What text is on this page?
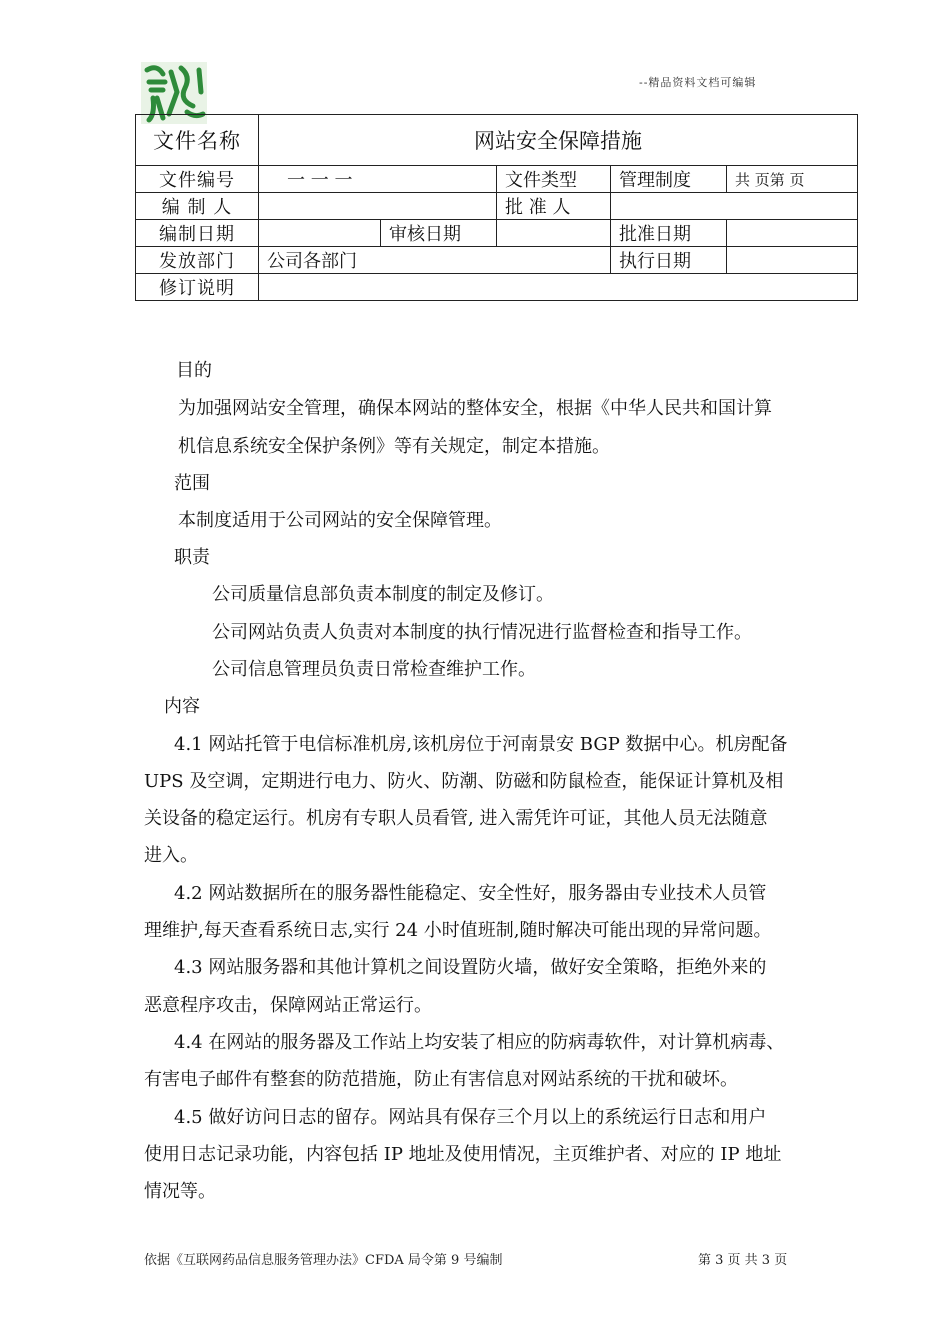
--精品资料文档可编辑
文件名称	网站安全保障措施				
文件编号	一 一 一		文件类型	管理制度	共 页第 页
编 制 人			批 准 人		
编制日期		审核日期		批准日期	
发放部门	公司各部门			执行日期	
修订说明					
目的
为加强网站安全管理，确保本网站的整体安全，根据《中华人民共和国计算
机信息系统安全保护条例》等有关规定，制定本措施。
范围
本制度适用于公司网站的安全保障管理。
职责
公司质量信息部负责本制度的制定及修订。
公司网站负责人负责对本制度的执行情况进行监督检查和指导工作。
公司信息管理员负责日常检查维护工作。
内容
4.1 网站托管于电信标准机房,该机房位于河南景安 BGP 数据中心。机房配备
UPS 及空调，定期进行电力、防火、防潮、防磁和防鼠检查，能保证计算机及相
关设备的稳定运行。机房有专职人员看管, 进入需凭许可证，其他人员无法随意
进入。
4.2 网站数据所在的服务器性能稳定、安全性好，服务器由专业技术人员管
理维护,每天查看系统日志,实行 24 小时值班制,随时解决可能出现的异常问题。
4.3 网站服务器和其他计算机之间设置防火墙，做好安全策略，拒绝外来的
恶意程序攻击，保障网站正常运行。
4.4 在网站的服务器及工作站上均安装了相应的防病毒软件，对计算机病毒、
有害电子邮件有整套的防范措施，防止有害信息对网站系统的干扰和破坏。
4.5 做好访问日志的留存。网站具有保存三个月以上的系统运行日志和用户
使用日志记录功能，内容包括 IP 地址及使用情况，主页维护者、对应的 IP 地址
情况等。
依据《互联网药品信息服务管理办法》CFDA 局令第 9 号编制	第 3 页 共 3 页
